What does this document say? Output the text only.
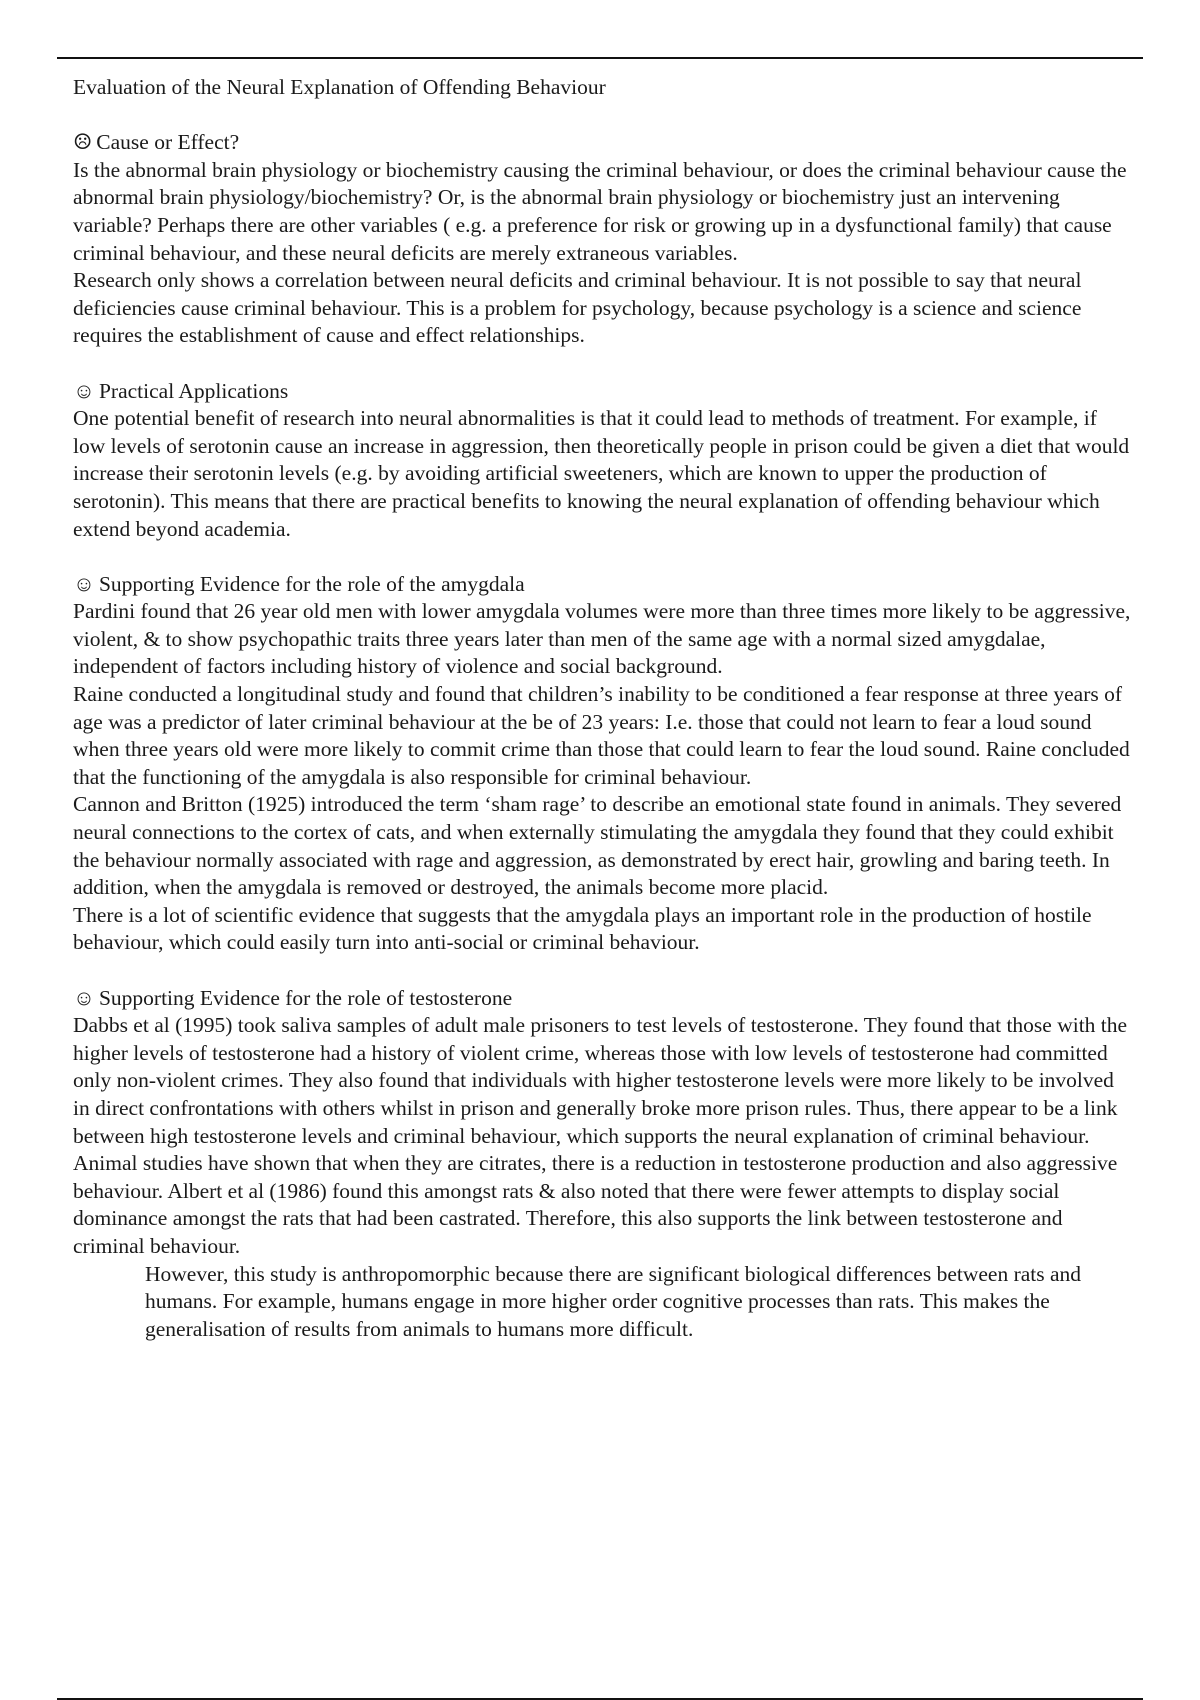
Evaluation of the Neural Explanation of Offending Behaviour
☹ Cause or Effect?

Is the abnormal brain physiology or biochemistry causing the criminal behaviour, or does the criminal behaviour cause the abnormal brain physiology/biochemistry? Or, is the abnormal brain physiology or biochemistry just an intervening variable? Perhaps there are other variables ( e.g. a preference for risk or growing up in a dysfunctional family) that cause criminal behaviour, and these neural deficits are merely extraneous variables.

Research only shows a correlation between neural deficits and criminal behaviour. It is not possible to say that neural deficiencies cause criminal behaviour. This is a problem for psychology, because psychology is a science and science requires the establishment of cause and effect relationships.

☺ Practical Applications

One potential benefit of research into neural abnormalities is that it could lead to methods of treatment. For example, if low levels of serotonin cause an increase in aggression, then theoretically people in prison could be given a diet that would increase their serotonin levels (e.g. by avoiding artificial sweeteners, which are known to upper the production of serotonin). This means that there are practical benefits to knowing the neural explanation of offending behaviour which extend beyond academia.

☺ Supporting Evidence for the role of the amygdala

Pardini found that 26 year old men with lower amygdala volumes were more than three times more likely to be aggressive, violent, & to show psychopathic traits three years later than men of the same age with a normal sized amygdalae, independent of factors including history of violence and social background.

Raine conducted a longitudinal study and found that children’s inability to be conditioned a fear response at three years of age was a predictor of later criminal behaviour at the be of 23 years: I.e. those that could not learn to fear a loud sound when three years old were more likely to commit crime than those that could learn to fear the loud sound. Raine concluded that the functioning of the amygdala is also responsible for criminal behaviour.

Cannon and Britton (1925) introduced the term ‘sham rage’ to describe an emotional state found in animals. They severed neural connections to the cortex of cats, and when externally stimulating the amygdala they found that they could exhibit the behaviour normally associated with rage and aggression, as demonstrated by erect hair, growling and baring teeth. In addition, when the amygdala is removed or destroyed, the animals become more placid.

There is a lot of scientific evidence that suggests that the amygdala plays an important role in the production of hostile behaviour, which could easily turn into anti-social or criminal behaviour.

☺ Supporting Evidence for the role of testosterone

Dabbs et al (1995) took saliva samples of adult male prisoners to test levels of testosterone. They found that those with the higher levels of testosterone had a history of violent crime, whereas those with low levels of testosterone had committed only non-violent crimes. They also found that individuals with higher testosterone levels were more likely to be involved in direct confrontations with others whilst in prison and generally broke more prison rules. Thus, there appear to be a link between high testosterone levels and criminal behaviour, which supports the neural explanation of criminal behaviour.

Animal studies have shown that when they are citrates, there is a reduction in testosterone production and also aggressive behaviour. Albert et al (1986) found this amongst rats & also noted that there were fewer attempts to display social dominance amongst the rats that had been castrated. Therefore, this also supports the link between testosterone and criminal behaviour.

However, this study is anthropomorphic because there are significant biological differences between rats and humans. For example, humans engage in more higher order cognitive processes than rats. This makes the generalisation of results from animals to humans more difficult.
